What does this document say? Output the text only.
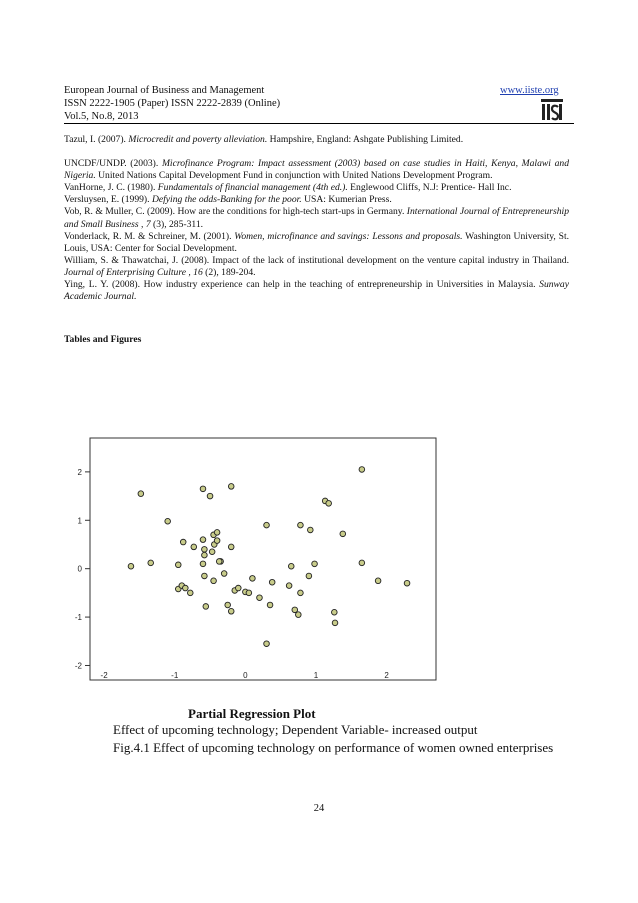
European Journal of Business and Management
ISSN 2222-1905 (Paper) ISSN 2222-2839 (Online)
Vol.5, No.8, 2013
www.iiste.org

Tazul, I. (2007). Microcredit and poverty alleviation. Hampshire, England: Ashgate Publishing Limited.

UNCDF/UNDP. (2003). Microfinance Program: Impact assessment (2003) based on case studies in Haiti, Kenya, Malawi and Nigeria. United Nations Capital Development Fund in conjunction with United Nations Development Program.

VanHorne, J. C. (1980). Fundamentals of financial management (4th ed.). Englewood Cliffs, N.J: Prentice- Hall Inc.

Versluysen, E. (1999). Defying the odds-Banking for the poor. USA: Kumerian Press.

Vob, R. & Muller, C. (2009). How are the conditions for high-tech start-ups in Germany. International Journal of Entrepreneurship and Small Business , 7 (3), 285-311.

Vonderlack, R. M. & Schreiner, M. (2001). Women, microfinance and savings: Lessons and proposals. Washington University, St. Louis, USA: Center for Social Development.

William, S. & Thawatchai, J. (2008). Impact of the lack of institutional development on the venture capital industry in Thailand. Journal of Enterprising Culture , 16 (2), 189-204.

Ying, L. Y. (2008). How industry experience can help in the teaching of entrepreneurship in Universities in Malaysia. Sunway Academic Journal.

Tables and Figures
-2
-1
0
1
2
-2	-1	0	1	2
Partial Regression Plot
Effect of upcoming technology; Dependent Variable- increased output
Fig.4.1 Effect of upcoming technology on performance of women owned enterprises
24
